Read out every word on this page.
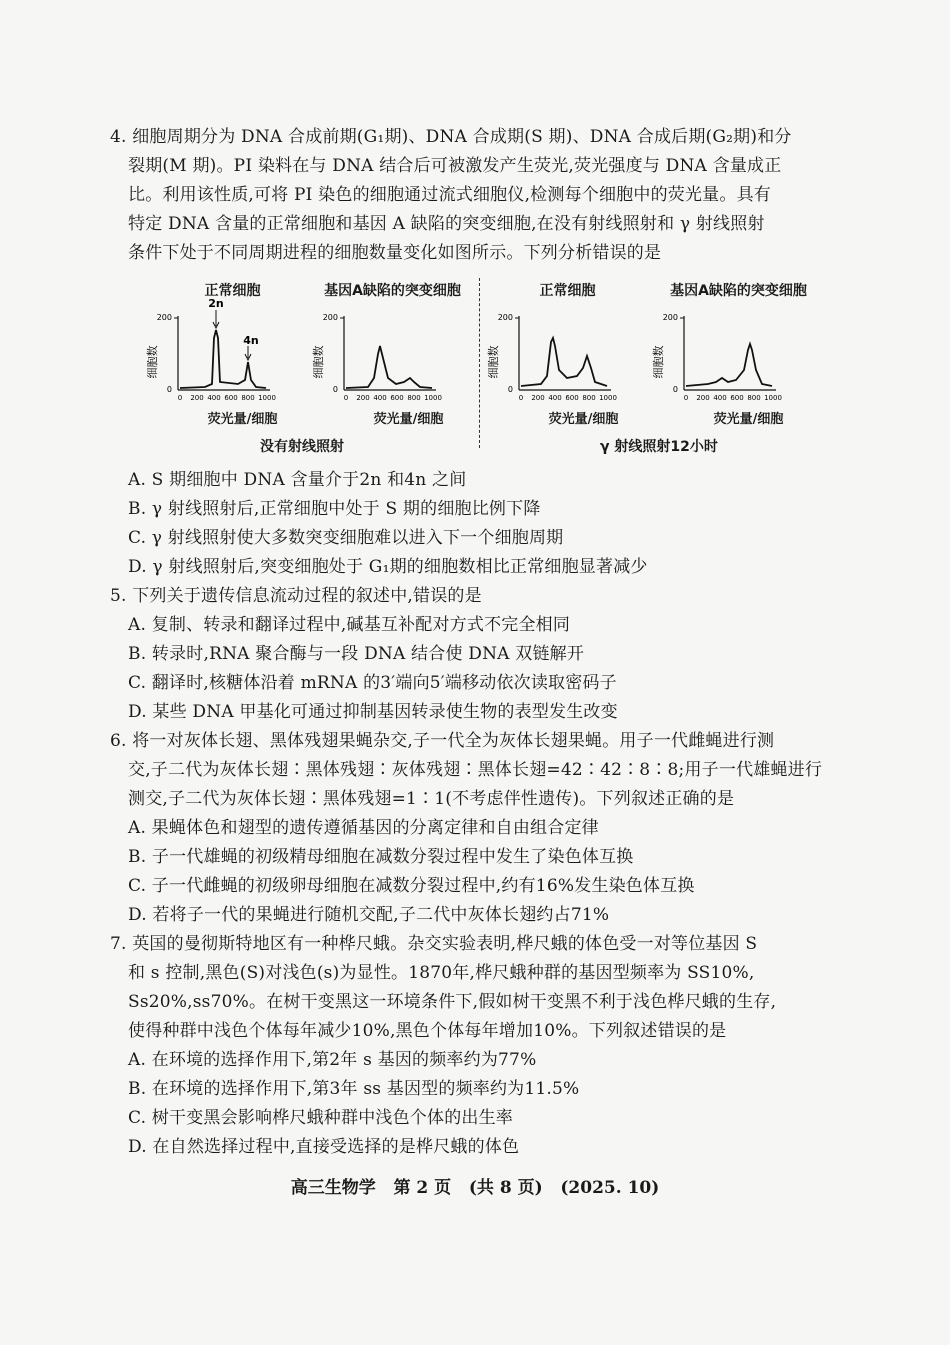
4. 细胞周期分为 DNA 合成前期(G₁期)、DNA 合成期(S 期)、DNA 合成后期(G₂期)和分
裂期(M 期)。PI 染料在与 DNA 结合后可被激发产生荧光,荧光强度与 DNA 含量成正
比。利用该性质,可将 PI 染色的细胞通过流式细胞仪,检测每个细胞中的荧光量。具有
特定 DNA 含量的正常细胞和基因 A 缺陷的突变细胞,在没有射线照射和 γ 射线照射
条件下处于不同周期进程的细胞数量变化如图所示。下列分析错误的是
正常细胞
200
0
细胞数
2n
4n
0 200 400 600 800 1000
荧光量/细胞
基因A缺陷的突变细胞
200
0
细胞数
0 200 400 600 800 1000
荧光量/细胞
正常细胞
200
0
细胞数
0 200 400 600 800 1000
荧光量/细胞
基因A缺陷的突变细胞
200
0
细胞数
0 200 400 600 800 1000
荧光量/细胞
没有射线照射	γ 射线照射12小时
A. S 期细胞中 DNA 含量介于2n 和4n 之间
B. γ 射线照射后,正常细胞中处于 S 期的细胞比例下降
C. γ 射线照射使大多数突变细胞难以进入下一个细胞周期
D. γ 射线照射后,突变细胞处于 G₁期的细胞数相比正常细胞显著减少
5. 下列关于遗传信息流动过程的叙述中,错误的是
A. 复制、转录和翻译过程中,碱基互补配对方式不完全相同
B. 转录时,RNA 聚合酶与一段 DNA 结合使 DNA 双链解开
C. 翻译时,核糖体沿着 mRNA 的3′端向5′端移动依次读取密码子
D. 某些 DNA 甲基化可通过抑制基因转录使生物的表型发生改变
6. 将一对灰体长翅、黑体残翅果蝇杂交,子一代全为灰体长翅果蝇。用子一代雌蝇进行测
交,子二代为灰体长翅∶黑体残翅∶灰体残翅∶黑体长翅=42∶42∶8∶8;用子一代雄蝇进行
测交,子二代为灰体长翅∶黑体残翅=1∶1(不考虑伴性遗传)。下列叙述正确的是
A. 果蝇体色和翅型的遗传遵循基因的分离定律和自由组合定律
B. 子一代雄蝇的初级精母细胞在减数分裂过程中发生了染色体互换
C. 子一代雌蝇的初级卵母细胞在减数分裂过程中,约有16%发生染色体互换
D. 若将子一代的果蝇进行随机交配,子二代中灰体长翅约占71%
7. 英国的曼彻斯特地区有一种桦尺蛾。杂交实验表明,桦尺蛾的体色受一对等位基因 S
和 s 控制,黑色(S)对浅色(s)为显性。1870年,桦尺蛾种群的基因型频率为 SS10%,
Ss20%,ss70%。在树干变黑这一环境条件下,假如树干变黑不利于浅色桦尺蛾的生存,
使得种群中浅色个体每年减少10%,黑色个体每年增加10%。下列叙述错误的是
A. 在环境的选择作用下,第2年 s 基因的频率约为77%
B. 在环境的选择作用下,第3年 ss 基因型的频率约为11.5%
C. 树干变黑会影响桦尺蛾种群中浅色个体的出生率
D. 在自然选择过程中,直接受选择的是桦尺蛾的体色
高三生物学   第 2 页   (共 8 页)   (2025. 10)
